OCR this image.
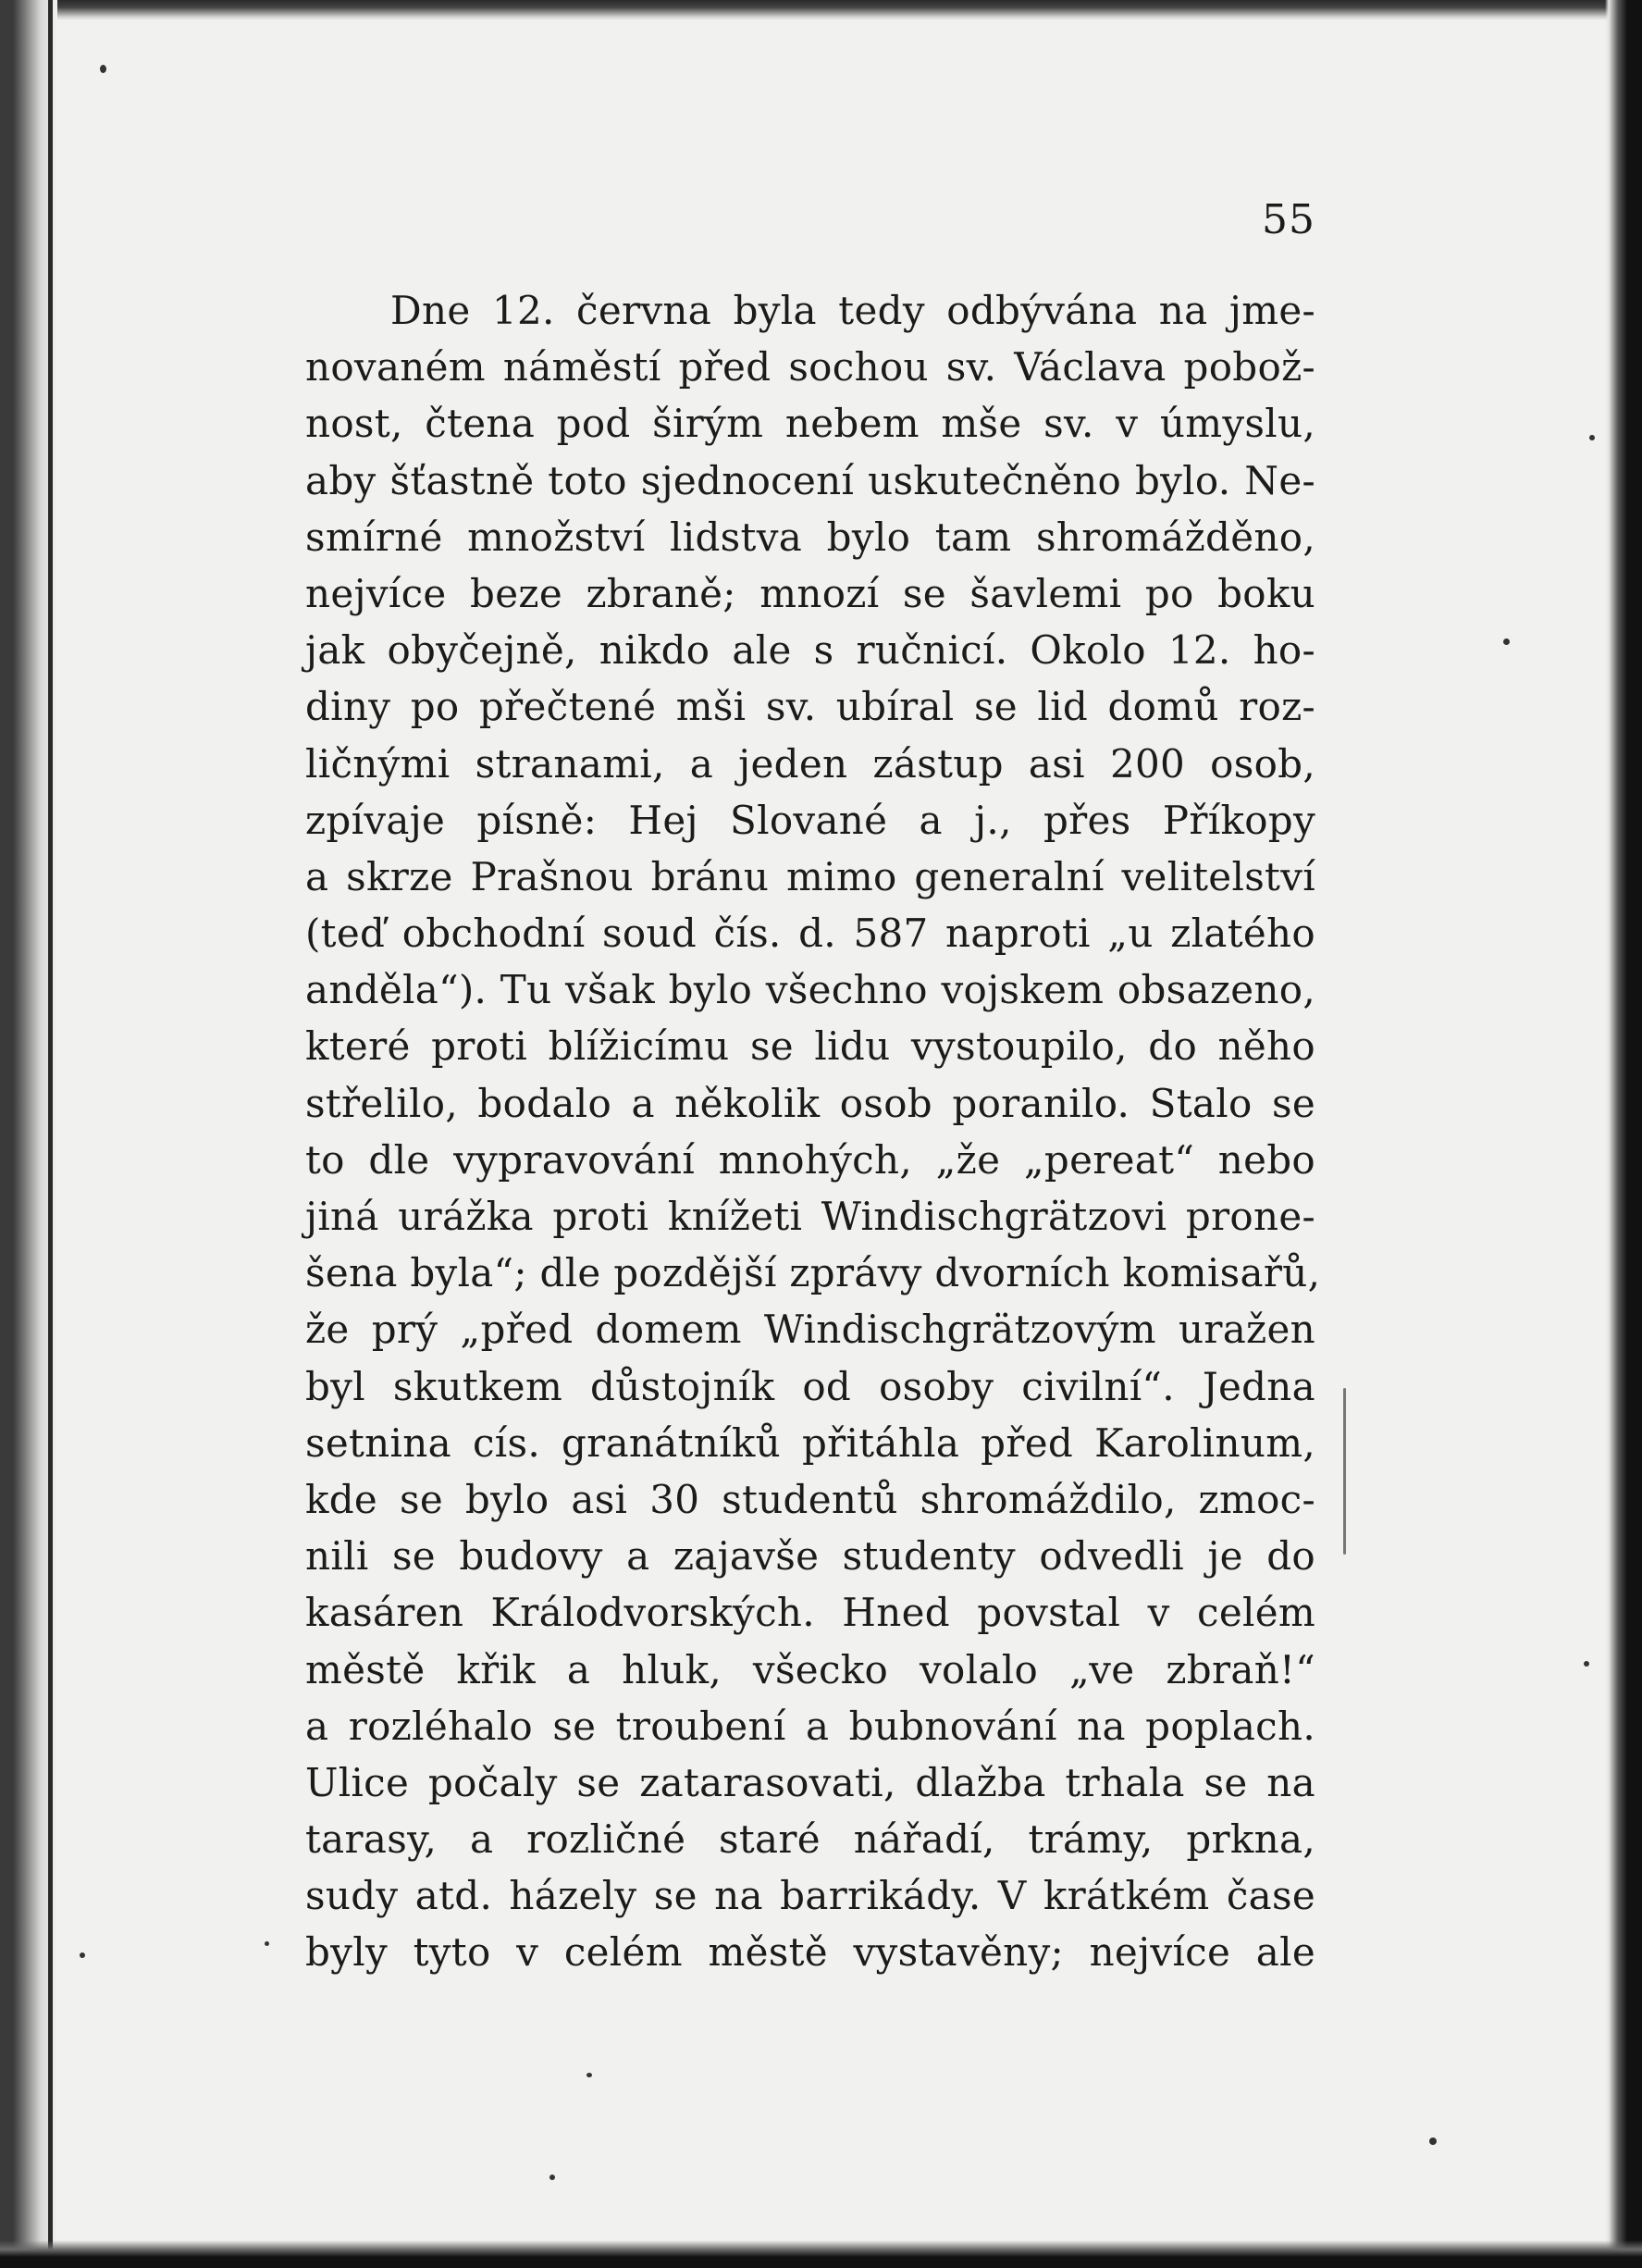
55
Dne 12. června byla tedy odbývána na jme-
novaném náměstí před sochou sv. Václava pobož-
nost, čtena pod širým nebem mše sv. v úmyslu,
aby šťastně toto sjednocení uskutečněno bylo. Ne-
smírné množství lidstva bylo tam shromážděno,
nejvíce beze zbraně; mnozí se šavlemi po boku
jak obyčejně, nikdo ale s ručnicí. Okolo 12. ho-
diny po přečtené mši sv. ubíral se lid domů roz-
ličnými stranami, a jeden zástup asi 200 osob,
zpívaje písně: Hej Slované a j., přes Příkopy
a skrze Prašnou bránu mimo generalní velitelství
(teď obchodní soud čís. d. 587 naproti „u zlatého
anděla“). Tu však bylo všechno vojskem obsazeno,
které proti blížicímu se lidu vystoupilo, do něho
střelilo, bodalo a několik osob poranilo. Stalo se
to dle vypravování mnohých, „že „pereat“ nebo
jiná urážka proti knížeti Windischgrätzovi prone-
šena byla“; dle pozdější zprávy dvorních komisařů,
že prý „před domem Windischgrätzovým uražen
byl skutkem důstojník od osoby civilní“. Jedna
setnina cís. granátníků přitáhla před Karolinum,
kde se bylo asi 30 studentů shromáždilo, zmoc-
nili se budovy a zajavše studenty odvedli je do
kasáren Králodvorských. Hned povstal v celém
městě křik a hluk, všecko volalo „ve zbraň!“
a rozléhalo se troubení a bubnování na poplach.
Ulice počaly se zatarasovati, dlažba trhala se na
tarasy, a rozličné staré nářadí, trámy, prkna,
sudy atd. házely se na barrikády. V krátkém čase
byly tyto v celém městě vystavěny; nejvíce ale
